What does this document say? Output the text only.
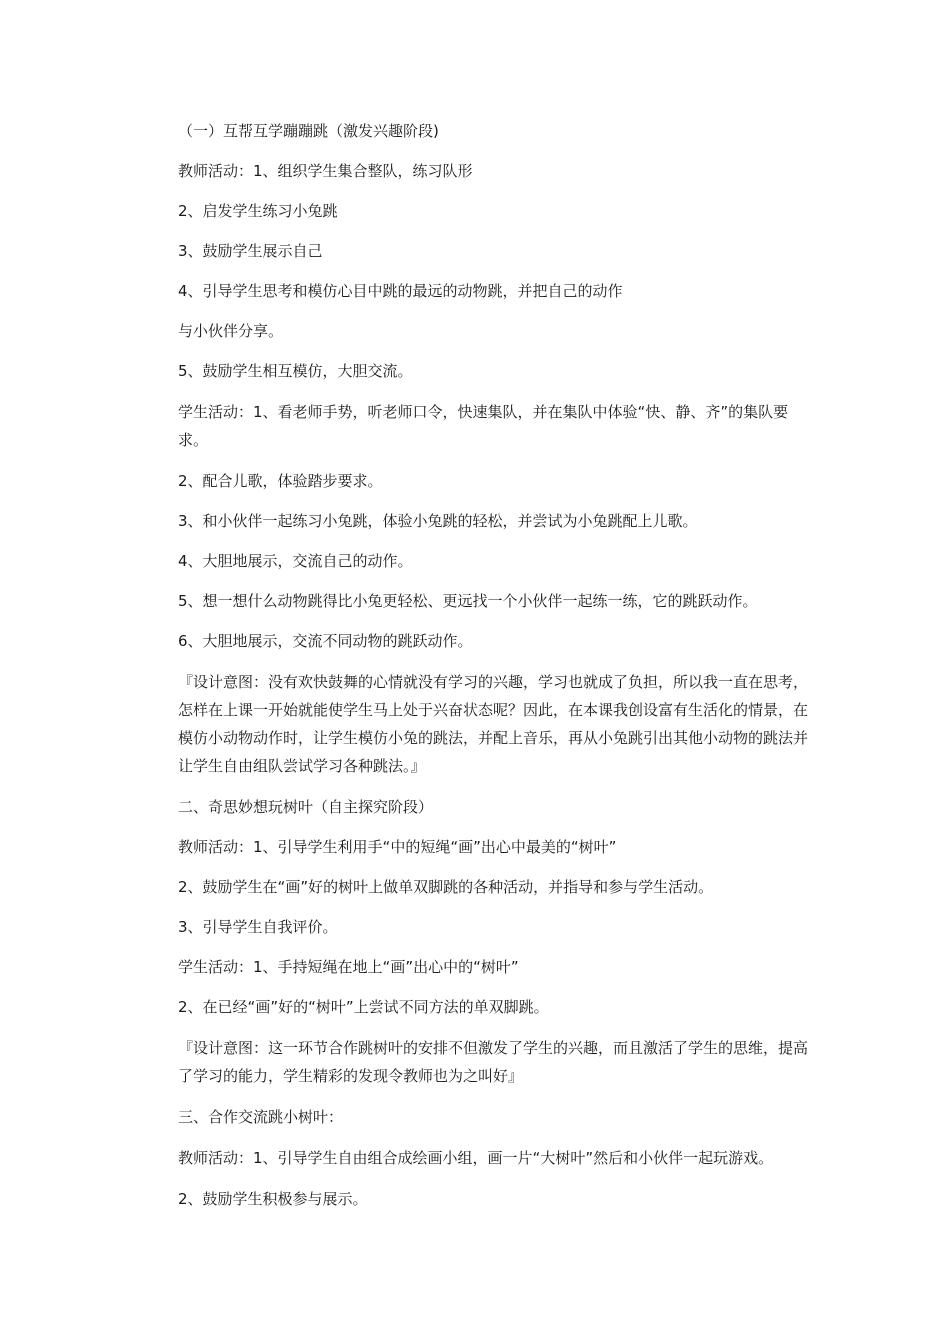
（一）互帮互学蹦蹦跳（激发兴趣阶段)

教师活动：1、组织学生集合整队，练习队形

2、启发学生练习小兔跳

3、鼓励学生展示自己

4、引导学生思考和模仿心目中跳的最远的动物跳，并把自己的动作

与小伙伴分享。

5、鼓励学生相互模仿，大胆交流。

学生活动：1、看老师手势，听老师口令，快速集队，并在集队中体验“快、静、齐”的集队要求。

2、配合儿歌，体验踏步要求。

3、和小伙伴一起练习小兔跳，体验小兔跳的轻松，并尝试为小兔跳配上儿歌。

4、大胆地展示，交流自己的动作。

5、想一想什么动物跳得比小兔更轻松、更远找一个小伙伴一起练一练，它的跳跃动作。

6、大胆地展示，交流不同动物的跳跃动作。

『设计意图：没有欢快鼓舞的心情就没有学习的兴趣，学习也就成了负担，所以我一直在思考，怎样在上课一开始就能使学生马上处于兴奋状态呢？因此，在本课我创设富有生活化的情景，在模仿小动物动作时，让学生模仿小兔的跳法，并配上音乐，再从小兔跳引出其他小动物的跳法并让学生自由组队尝试学习各种跳法。』

二、奇思妙想玩树叶（自主探究阶段）

教师活动：1、引导学生利用手“中的短绳“画”出心中最美的“树叶”

2、鼓励学生在“画”好的树叶上做单双脚跳的各种活动，并指导和参与学生活动。

3、引导学生自我评价。

学生活动：1、手持短绳在地上“画”出心中的“树叶”

2、在已经“画”好的“树叶”上尝试不同方法的单双脚跳。

『设计意图：这一环节合作跳树叶的安排不但激发了学生的兴趣，而且激活了学生的思维，提高了学习的能力，学生精彩的发现令教师也为之叫好』

三、合作交流跳小树叶：

教师活动：1、引导学生自由组合成绘画小组，画一片“大树叶”然后和小伙伴一起玩游戏。

2、鼓励学生积极参与展示。
